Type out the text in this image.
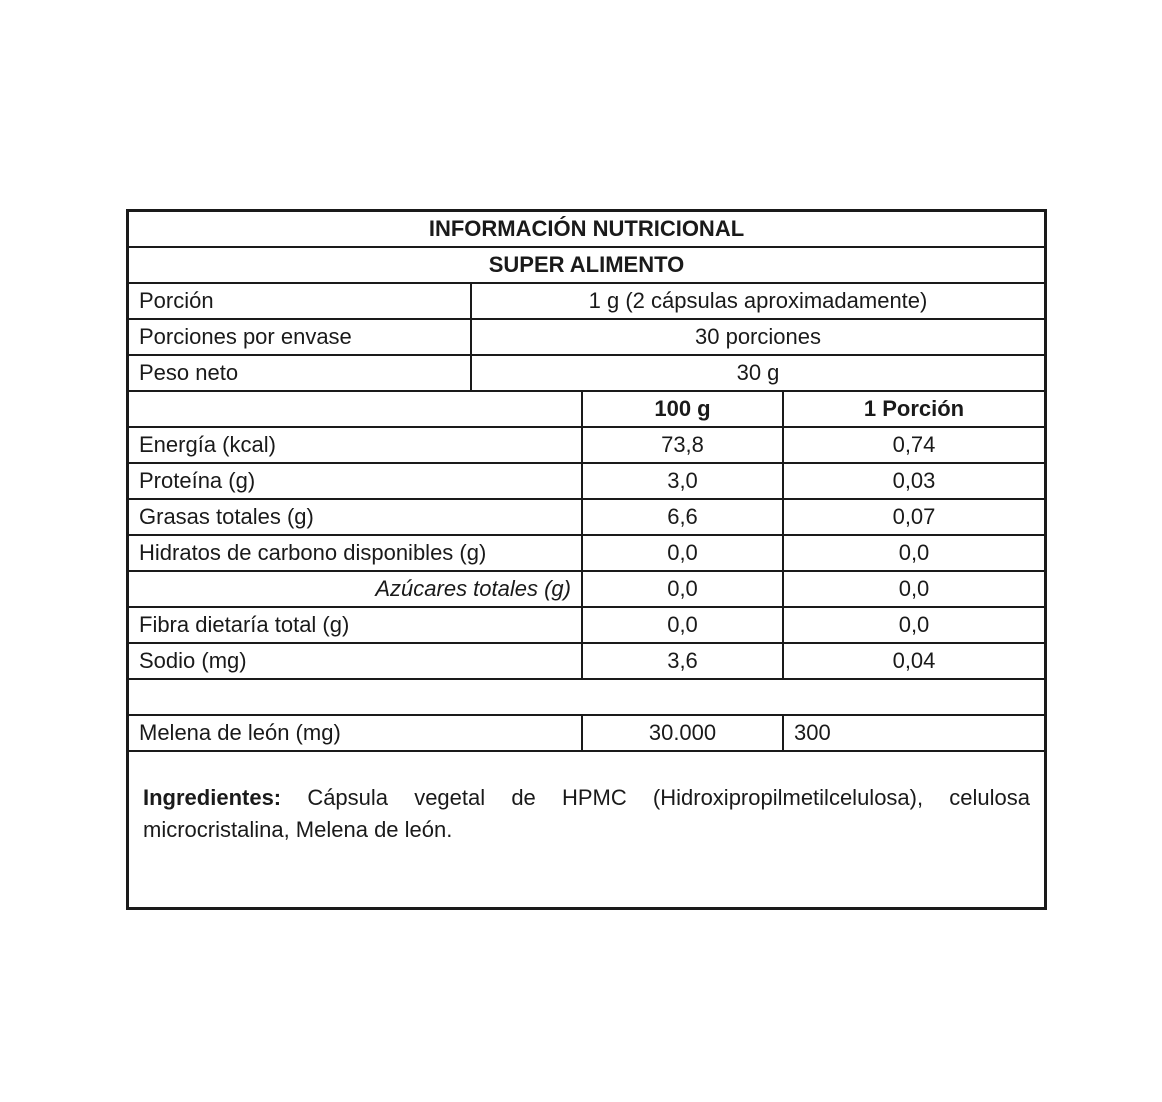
INFORMACIÓN NUTRICIONAL			
SUPER ALIMENTO			
Porción	1 g (2 cápsulas aproximadamente)		
Porciones por envase	30 porciones		
Peso neto	30 g		
		100 g	1 Porción
Energía (kcal)		73,8	0,74
Proteína (g)		3,0	0,03
Grasas totales (g)		6,6	0,07
Hidratos de carbono disponibles (g)		0,0	0,0
Azúcares totales (g)		0,0	0,0
Fibra dietaría total (g)		0,0	0,0
Sodio (mg)		3,6	0,04

Melena de león (mg)		30.000	300
Ingredientes: Cápsula vegetal de HPMC (Hidroxipropilmetilcelulosa), celulosa microcristalina, Melena de león.
